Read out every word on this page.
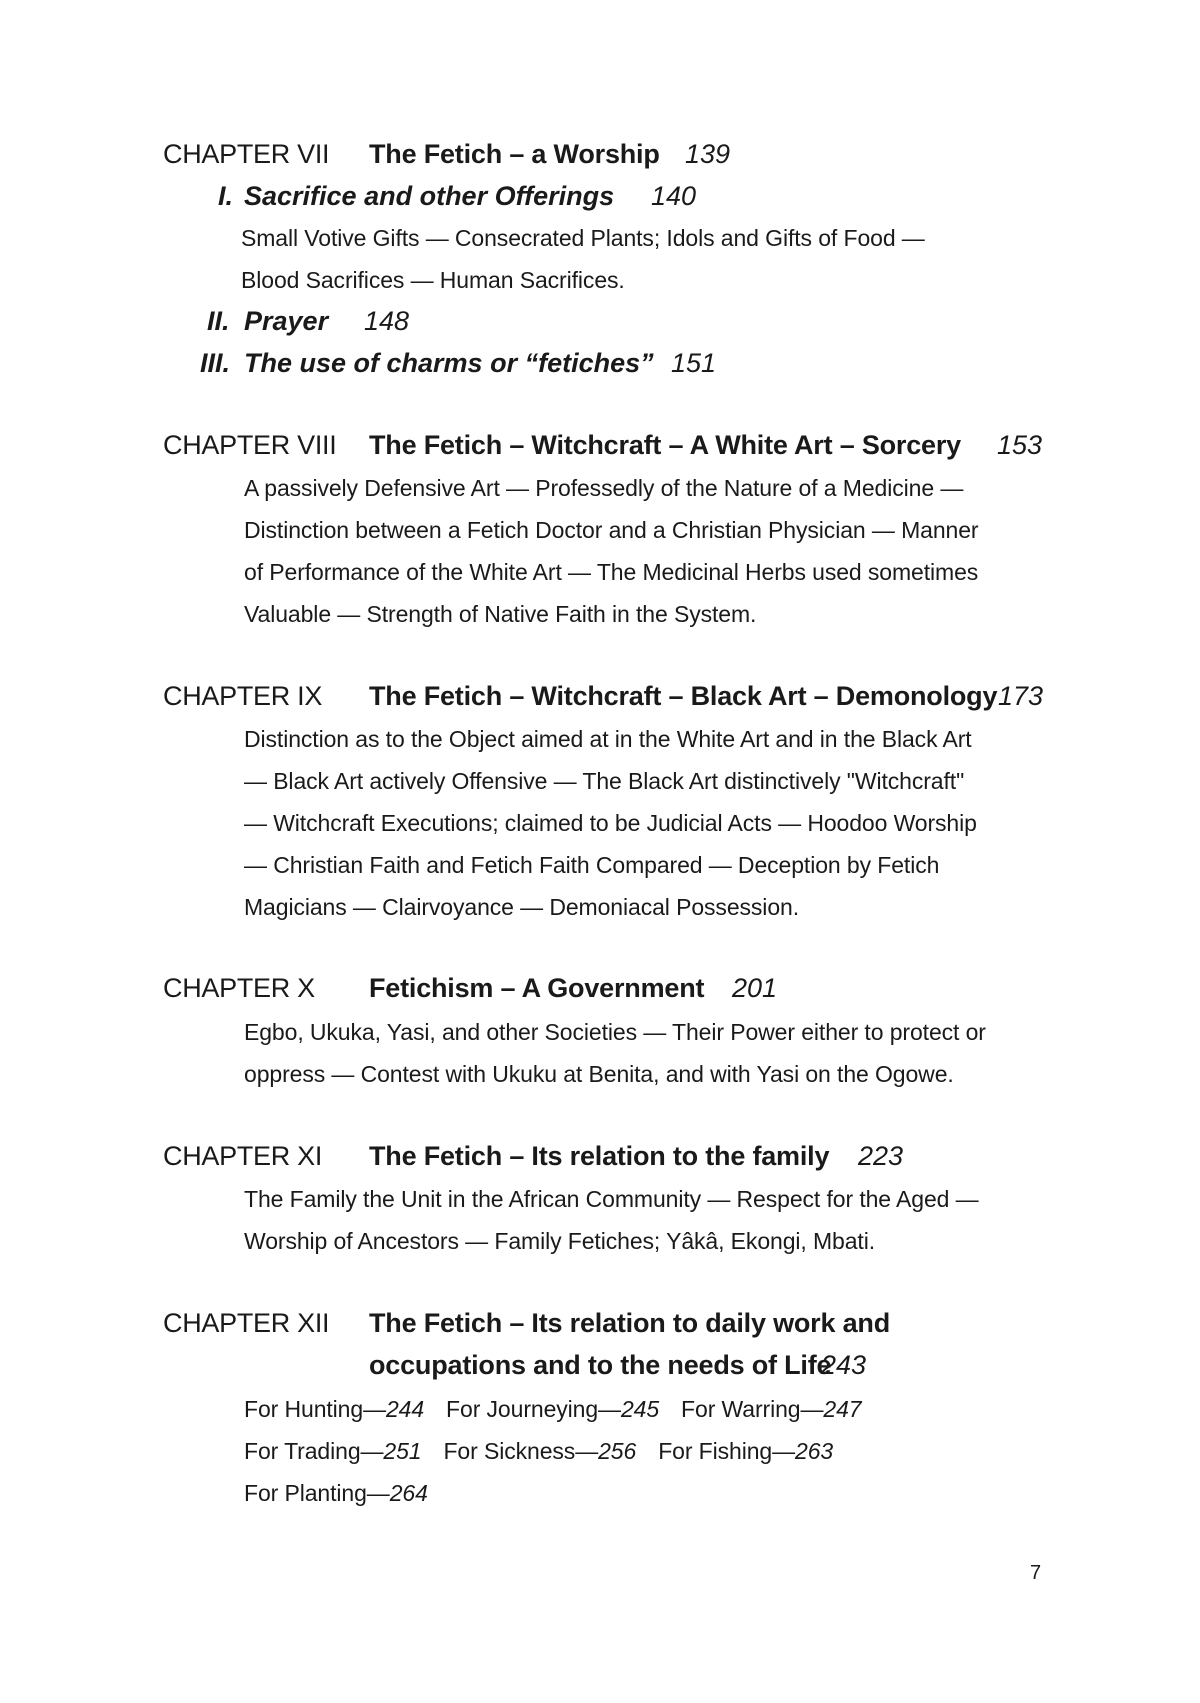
CHAPTER VII The Fetich – a Worship 139
I. Sacrifice and other Offerings 140
Small Votive Gifts — Consecrated Plants; Idols and Gifts of Food —
Blood Sacrifices — Human Sacrifices.
II. Prayer 148
III. The use of charms or “fetiches” 151
CHAPTER VIII The Fetich – Witchcraft – A White Art – Sorcery 153
A passively Defensive Art — Professedly of the Nature of a Medicine —
Distinction between a Fetich Doctor and a Christian Physician — Manner
of Performance of the White Art — The Medicinal Herbs used sometimes
Valuable — Strength of Native Faith in the System.
CHAPTER IX The Fetich – Witchcraft – Black Art – Demonology 173
Distinction as to the Object aimed at in the White Art and in the Black Art
— Black Art actively Offensive — The Black Art distinctively "Witchcraft"
— Witchcraft Executions; claimed to be Judicial Acts — Hoodoo Worship
— Christian Faith and Fetich Faith Compared — Deception by Fetich
Magicians — Clairvoyance — Demoniacal Possession.
CHAPTER X Fetichism – A Government 201
Egbo, Ukuka, Yasi, and other Societies — Their Power either to protect or
oppress — Contest with Ukuku at Benita, and with Yasi on the Ogowe.
CHAPTER XI The Fetich – Its relation to the family 223
The Family the Unit in the African Community — Respect for the Aged —
Worship of Ancestors — Family Fetiches; Yâkâ, Ekongi, Mbati.
CHAPTER XII The Fetich – Its relation to daily work and
occupations and to the needs of Life
243
For Hunting—244 For Journeying—245 For Warring—247
For Trading—251 For Sickness—256 For Fishing—263
For Planting—264
7
